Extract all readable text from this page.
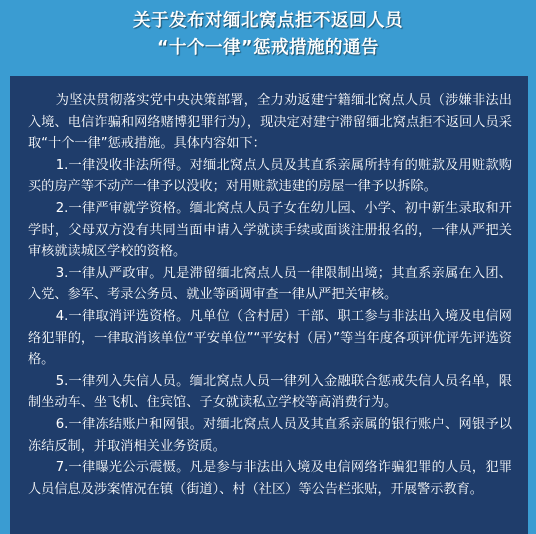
关于发布对缅北窝点拒不返回人员
“十个一律”惩戒措施的通告

为坚决贯彻落实党中央决策部署，全力劝返建宁籍缅北窝点人员（涉嫌非法出入境、电信诈骗和网络赌博犯罪行为），现决定对建宁滞留缅北窝点拒不返回人员采取“十个一律”惩戒措施。具体内容如下：

1.一律没收非法所得。对缅北窝点人员及其直系亲属所持有的赃款及用赃款购买的房产等不动产一律予以没收；对用赃款违建的房屋一律予以拆除。

2.一律严审就学资格。缅北窝点人员子女在幼儿园、小学、初中新生录取和开学时，父母双方没有共同当面申请入学就读手续或面谈注册报名的，一律从严把关审核就读城区学校的资格。

3.一律从严政审。凡是滞留缅北窝点人员一律限制出境；其直系亲属在入团、入党、参军、考录公务员、就业等函调审查一律从严把关审核。

4.一律取消评选资格。凡单位（含村居）干部、职工参与非法出入境及电信网络犯罪的，一律取消该单位“平安单位”“平安村（居）”等当年度各项评优评先评选资格。

5.一律列入失信人员。缅北窝点人员一律列入金融联合惩戒失信人员名单，限制坐动车、坐飞机、住宾馆、子女就读私立学校等高消费行为。

6.一律冻结账户和网银。对缅北窝点人员及其直系亲属的银行账户、网银予以冻结反制，并取消相关业务资质。

7.一律曝光公示震慑。凡是参与非法出入境及电信网络诈骗犯罪的人员，犯罪人员信息及涉案情况在镇（街道）、村（社区）等公告栏张贴，开展警示教育。
